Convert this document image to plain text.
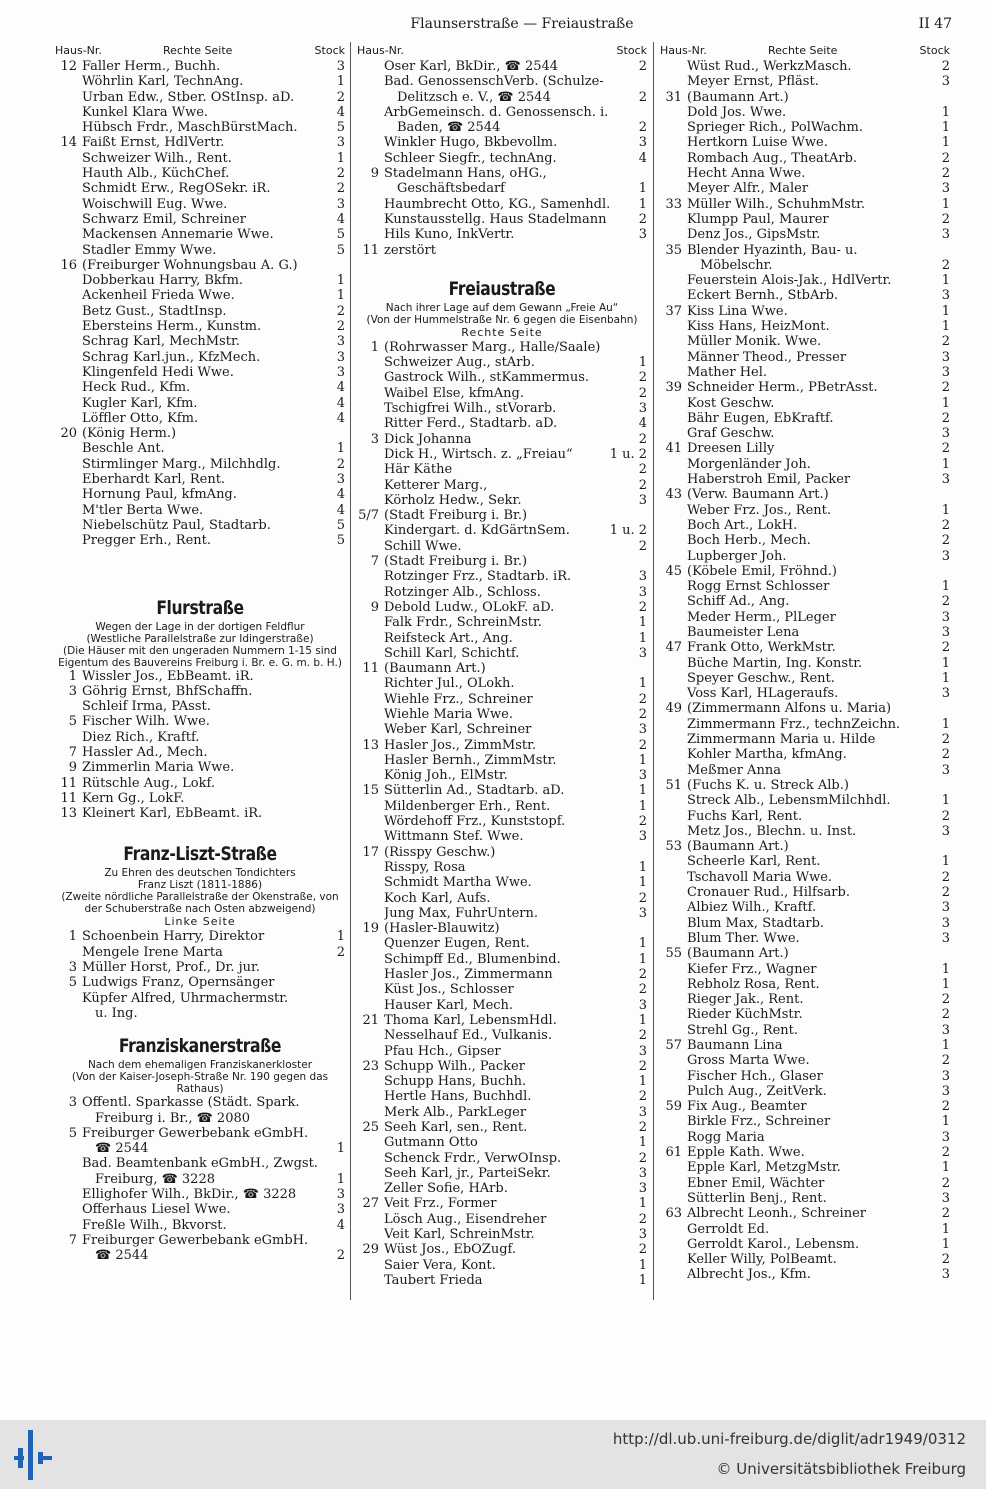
Flaunserstraße — Freiaustraße	II 47
Haus-Nr.	Rechte Seite	Stock
12 Faller Herm., Buchh.	3
Wöhrlin Karl, TechnAng.	1
Urban Edw., Stber. OStInsp. aD.	2
Kunkel Klara Wwe.	4
Hübsch Frdr., MaschBürstMach.	5
14 Faißt Ernst, HdlVertr.	3
Schweizer Wilh., Rent.	1
Hauth Alb., KüchChef.	2
Schmidt Erw., RegOSekr. iR.	2
Woischwill Eug. Wwe.	3
Schwarz Emil, Schreiner	4
Mackensen Annemarie Wwe.	5
Stadler Emmy Wwe.	5
16 (Freiburger Wohnungsbau A. G.)
Dobberkau Harry, Bkfm.	1
Ackenheil Frieda Wwe.	1
Betz Gust., StadtInsp.	2
Ebersteins Herm., Kunstm.	2
Schrag Karl, MechMstr.	3
Schrag Karl.jun., KfzMech.	3
Klingenfeld Hedi Wwe.	3
Heck Rud., Kfm.	4
Kugler Karl, Kfm.	4
Löffler Otto, Kfm.	4
20 (König Herm.)
Beschle Ant.	1
Stirmlinger Marg., Milchhdlg.	2
Eberhardt Karl, Rent.	3
Hornung Paul, kfmAng.	4
M'tler Berta Wwe.	4
Niebelschütz Paul, Stadtarb.	5
Pregger Erh., Rent.	5
Flurstraße
Wegen der Lage in der dortigen Feldflur
(Westliche Parallelstraße zur Idingerstraße)
(Die Häuser mit den ungeraden Nummern 1-15 sind Eigentum des Bauvereins Freiburg i. Br. e. G. m. b. H.)
1 Wissler Jos., EbBeamt. iR.
3 Göhrig Ernst, BhfSchaffn.
Schleif Irma, PAsst.
5 Fischer Wilh. Wwe.
Diez Rich., Kraftf.
7 Hassler Ad., Mech.
9 Zimmerlin Maria Wwe.
11 Rütschle Aug., Lokf.
11 Kern Gg., LokF.
13 Kleinert Karl, EbBeamt. iR.
Franz-Liszt-Straße
Zu Ehren des deutschen Tondichters
Franz Liszt (1811-1886)
(Zweite nördliche Parallelstraße der Okenstraße, von der Schuberstraße nach Osten abzweigend)
Linke Seite
1 Schoenbein Harry, Direktor	1
Mengele Irene Marta	2
3 Müller Horst, Prof., Dr. jur.
5 Ludwigs Franz, Opernsänger
Küpfer Alfred, Uhrmachermstr.
u. Ing.
Franziskanerstraße
Nach dem ehemaligen Franziskanerkloster
(Von der Kaiser-Joseph-Straße Nr. 190 gegen das Rathaus)
3 Öffentl. Sparkasse (Städt. Spark.
Freiburg i. Br., ☎ 2080
5 Freiburger Gewerbebank eGmbH.
☎ 2544	1
Bad. Beamtenbank eGmbH., Zwgst.
Freiburg, ☎ 3228	1
Ellighofer Wilh., BkDir., ☎ 3228	3
Offerhaus Liesel Wwe.	3
Freßle Wilh., Bkvorst.	4
7 Freiburger Gewerbebank eGmbH.
☎ 2544	2
Haus-Nr.	Stock
Oser Karl, BkDir., ☎ 2544	2
Bad. GenossenschVerb. (Schulze-
Delitzsch e. V., ☎ 2544	2
ArbGemeinsch. d. Genossensch. i.
Baden, ☎ 2544	2
Winkler Hugo, Bkbevollm.	3
Schleer Siegfr., technAng.	4
9 Stadelmann Hans, oHG.,
Geschäftsbedarf	1
Haumbrecht Otto, KG., Samenhdl.	1
Kunstausstellg. Haus Stadelmann	2
Hils Kuno, InkVertr.	3
11 zerstört
Freiaustraße
Nach ihrer Lage auf dem Gewann „Freie Au“
(Von der Hummelstraße Nr. 6 gegen die Eisenbahn)
Rechte Seite
1 (Rohrwasser Marg., Halle/Saale)
Schweizer Aug., stArb.	1
Gastrock Wilh., stKammermus.	2
Waibel Else, kfmAng.	2
Tschigfrei Wilh., stVorarb.	3
Ritter Ferd., Stadtarb. aD.	4
3 Dick Johanna	2
Dick H., Wirtsch. z. „Freiau“	1 u. 2
Här Käthe	2
Ketterer Marg.,	2
Körholz Hedw., Sekr.	3
5/7 (Stadt Freiburg i. Br.)
Kindergart. d. KdGärtnSem.	1 u. 2
Schill Wwe.	2
7 (Stadt Freiburg i. Br.)
Rotzinger Frz., Stadtarb. iR.	3
Rotzinger Alb., Schloss.	3
9 Debold Ludw., OLokF. aD.	2
Falk Frdr., SchreinMstr.	1
Reifsteck Art., Ang.	1
Schill Karl, Schichtf.	3
11 (Baumann Art.)
Richter Jul., OLokh.	1
Wiehle Frz., Schreiner	2
Wiehle Maria Wwe.	2
Weber Karl, Schreiner	3
13 Hasler Jos., ZimmMstr.	2
Hasler Bernh., ZimmMstr.	1
König Joh., ElMstr.	3
15 Sütterlin Ad., Stadtarb. aD.	1
Mildenberger Erh., Rent.	1
Wördehoff Frz., Kunststopf.	2
Wittmann Stef. Wwe.	3
17 (Risspy Geschw.)
Risspy, Rosa	1
Schmidt Martha Wwe.	1
Koch Karl, Aufs.	2
Jung Max, FuhrUntern.	3
19 (Hasler-Blauwitz)
Quenzer Eugen, Rent.	1
Schimpff Ed., Blumenbind.	1
Hasler Jos., Zimmermann	2
Küst Jos., Schlosser	2
Hauser Karl, Mech.	3
21 Thoma Karl, LebensmHdl.	1
Nesselhauf Ed., Vulkanis.	2
Pfau Hch., Gipser	3
23 Schupp Wilh., Packer	2
Schupp Hans, Buchh.	1
Hertle Hans, Buchhdl.	2
Merk Alb., ParkLeger	3
25 Seeh Karl, sen., Rent.	2
Gutmann Otto	1
Schenck Frdr., VerwOInsp.	2
Seeh Karl, jr., ParteiSekr.	3
Zeller Sofie, HArb.	3
27 Veit Frz., Former	1
Lösch Aug., Eisendreher	2
Veit Karl, SchreinMstr.	3
29 Wüst Jos., EbOZugf.	2
Saier Vera, Kont.	1
Taubert Frieda	1
Haus-Nr.	Rechte Seite	Stock
Wüst Rud., WerkzMasch.	2
Meyer Ernst, Pfläst.	3
31 (Baumann Art.)
Dold Jos. Wwe.	1
Sprieger Rich., PolWachm.	1
Hertkorn Luise Wwe.	1
Rombach Aug., TheatArb.	2
Hecht Anna Wwe.	2
Meyer Alfr., Maler	3
33 Müller Wilh., SchuhmMstr.	1
Klumpp Paul, Maurer	2
Denz Jos., GipsMstr.	3
35 Blender Hyazinth, Bau- u.
Möbelschr.	2
Feuerstein Alois-Jak., HdlVertr.	1
Eckert Bernh., StbArb.	3
37 Kiss Lina Wwe.	1
Kiss Hans, HeizMont.	1
Müller Monik. Wwe.	2
Männer Theod., Presser	3
Mather Hel.	3
39 Schneider Herm., PBetrAsst.	2
Kost Geschw.	1
Bähr Eugen, EbKraftf.	2
Graf Geschw.	3
41 Dreesen Lilly	2
Morgenländer Joh.	1
Haberstroh Emil, Packer	3
43 (Verw. Baumann Art.)
Weber Frz. Jos., Rent.	1
Boch Art., LokH.	2
Boch Herb., Mech.	2
Lupberger Joh.	3
45 (Köbele Emil, Fröhnd.)
Rogg Ernst Schlosser	1
Schiff Ad., Ang.	2
Meder Herm., PlLeger	3
Baumeister Lena	3
47 Frank Otto, WerkMstr.	2
Büche Martin, Ing. Konstr.	1
Speyer Geschw., Rent.	1
Voss Karl, HLageraufs.	3
49 (Zimmermann Alfons u. Maria)
Zimmermann Frz., technZeichn.	1
Zimmermann Maria u. Hilde	2
Kohler Martha, kfmAng.	2
Meßmer Anna	3
51 (Fuchs K. u. Streck Alb.)
Streck Alb., LebensmMilchhdl.	1
Fuchs Karl, Rent.	2
Metz Jos., Blechn. u. Inst.	3
53 (Baumann Art.)
Scheerle Karl, Rent.	1
Tschavoll Maria Wwe.	2
Cronauer Rud., Hilfsarb.	2
Albiez Wilh., Kraftf.	3
Blum Max, Stadtarb.	3
Blum Ther. Wwe.	3
55 (Baumann Art.)
Kiefer Frz., Wagner	1
Rebholz Rosa, Rent.	1
Rieger Jak., Rent.	2
Rieder KüchMstr.	2
Strehl Gg., Rent.	3
57 Baumann Lina	1
Gross Marta Wwe.	2
Fischer Hch., Glaser	3
Pulch Aug., ZeitVerk.	3
59 Fix Aug., Beamter	2
Birkle Frz., Schreiner	1
Rogg Maria	3
61 Epple Kath. Wwe.	2
Epple Karl, MetzgMstr.	1
Ebner Emil, Wächter	2
Sütterlin Benj., Rent.	3
63 Albrecht Leonh., Schreiner	2
Gerroldt Ed.	1
Gerroldt Karol., Lebensm.	1
Keller Willy, PolBeamt.	2
Albrecht Jos., Kfm.	3
http://dl.ub.uni-freiburg.de/diglit/adr1949/0312
© Universitätsbibliothek Freiburg
